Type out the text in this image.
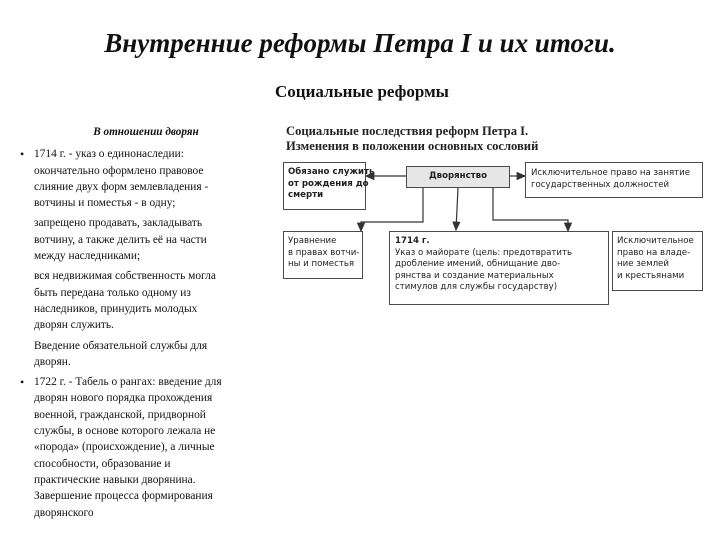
Внутренние реформы Петра I и их итоги.
Социальные реформы
В отношении дворян
• 1714 г. - указ о единонаследии:
окончательно оформлено правовое
слияние двух форм землевладения -
вотчины и поместья - в одну;
запрещено продавать, закладывать
вотчину, а также делить её на части
между наследниками;
вся недвижимая собственность могла
быть передана только одному из
наследников, принудить молодых
дворян служить.
Введение обязательной службы для
дворян.
• 1722 г. - Табель о рангах: введение для
дворян нового порядка прохождения
военной, гражданской, придворной
службы, в основе которого лежала не
«порода» (происхождение), а личные
способности, образование и
практические навыки дворянина.
Завершение процесса формирования
дворянского
Социальные последствия реформ Петра I.
Изменения в положении основных сословий
Обязано служить
от рождения до
смерти
Дворянство	Исключительное право на занятие
государственных должностей
Уравнение
в правах вотчи-
ны и поместья
1714 г.
Указ о майорате (цель: предотвратить
дробление имений, обнищание дво-
рянства и создание материальных
стимулов для службы государству)
Исключительное
право на владе-
ние землей
и крестьянами
